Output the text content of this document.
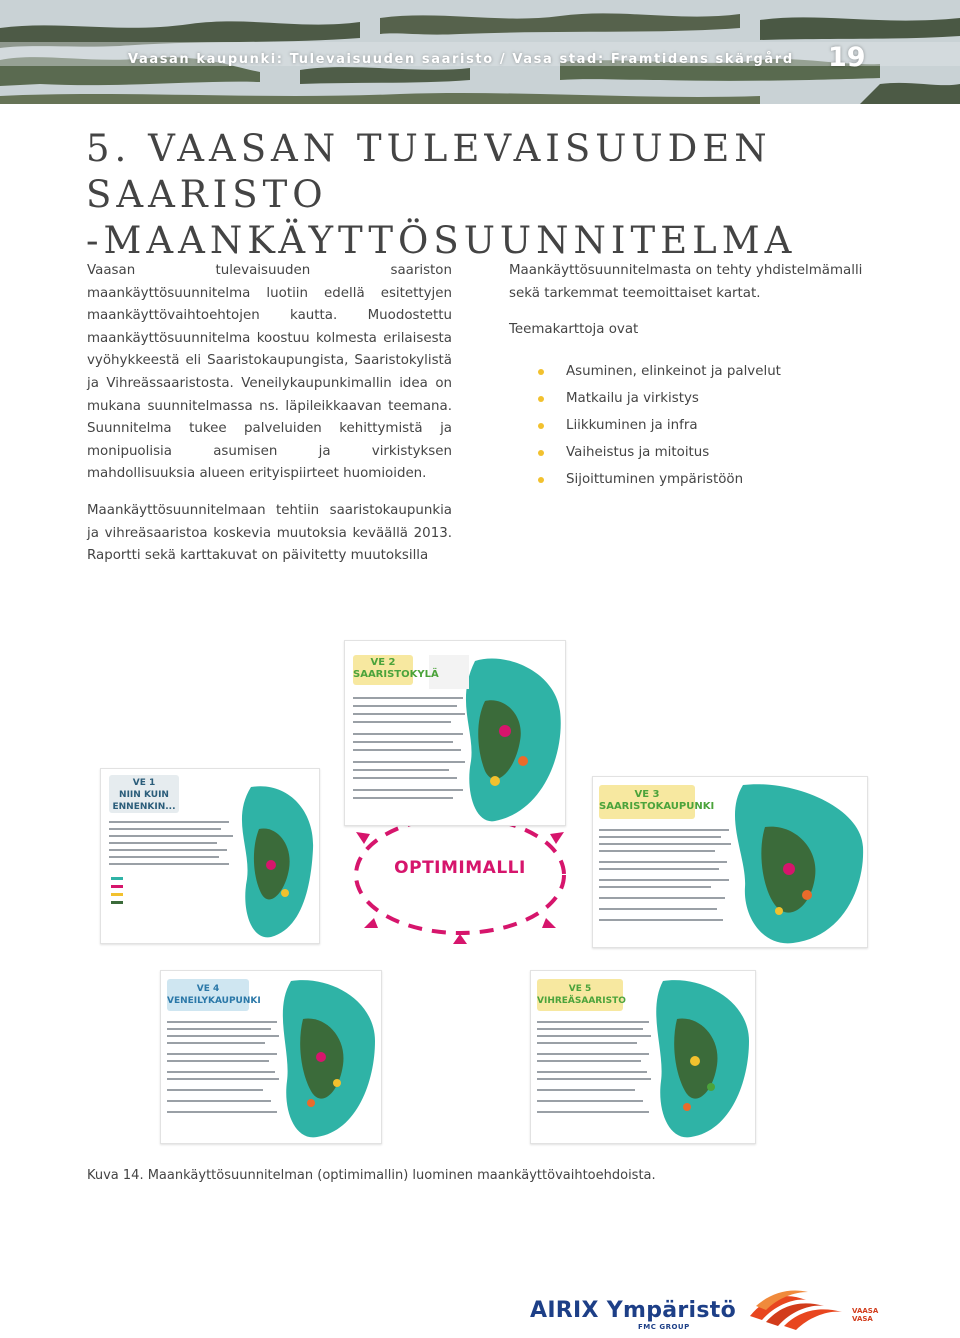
Vaasan kaupunki: Tulevaisuuden saaristo / Vasa stad: Framtidens skärgård 19
5. VAASAN TULEVAISUUDEN SAARISTO
-MAANKÄYTTÖSUUNNITELMA

Vaasan tulevaisuuden saariston maankäyttösuunnitelma luotiin edellä esitettyjen maankäyttövaihtoehtojen kautta. Muodostettu maankäyttösuunnitelma koostuu kolmesta erilaisesta vyöhykkeestä eli Saaristokaupungista, Saaristokylistä ja Vihreässaaristosta. Veneilykaupunkimallin idea on mukana suunnitelmassa ns. läpileikkaavan teemana. Suunnitelma tukee palveluiden kehittymistä ja monipuolisia asumisen ja virkistyksen mahdollisuuksia alueen erityispiirteet huomioiden.

Maankäyttösuunnitelmaan tehtiin saaristokaupunkia ja vihreäsaaristoa koskevia muutoksia keväällä 2013. Raportti sekä karttakuvat on päivitetty muutoksilla

Maankäyttösuunnitelmasta on tehty yhdistelmämalli sekä tarkemmat teemoittaiset kartat.

Teemakarttoja ovat

Asuminen, elinkeinot ja palvelut
Matkailu ja virkistys
Liikkuminen ja infra
Vaiheistus ja mitoitus
Sijoittuminen ympäristöön
OPTIMIMALLI
VE 2
SAARISTOKYLÄ
VE 1
NIIN KUIN ENNENKIN...
VE 3
SAARISTOKAUPUNKI
VE 4
VENEILYKAUPUNKI
VE 5
VIHREÄSAARISTO
Kuva 14. Maankäyttösuunnitelman (optimimallin) luominen maankäyttövaihtoehdoista.
AIRIX Ympäristö
FMC GROUP
VAASA
VASA
